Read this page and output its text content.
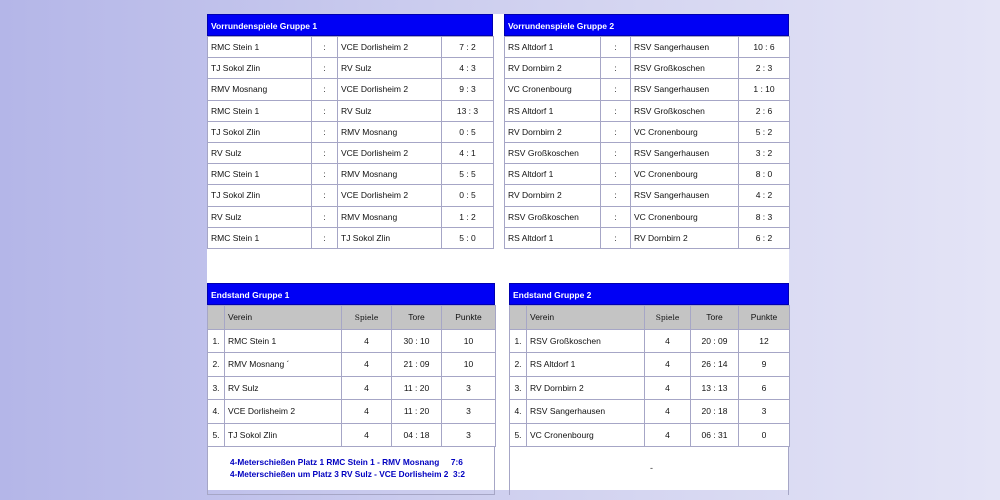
Vorrundenspiele Gruppe 1
RMC Stein 1	:	VCE Dorlisheim 2	7 : 2
TJ Sokol Zlin	:	RV Sulz	4 : 3
RMV Mosnang	:	VCE Dorlisheim 2	9 : 3
RMC Stein 1	:	RV Sulz	13 : 3
TJ Sokol Zlin	:	RMV Mosnang	0 : 5
RV Sulz	:	VCE Dorlisheim 2	4 : 1
RMC Stein 1	:	RMV Mosnang	5 : 5
TJ Sokol Zlin	:	VCE Dorlisheim 2	0 : 5
RV Sulz	:	RMV Mosnang	1 : 2
RMC Stein 1	:	TJ Sokol Zlin	5 : 0
Vorrundenspiele Gruppe 2
RS Altdorf 1	:	RSV Sangerhausen	10 : 6
RV Dornbirn 2	:	RSV Großkoschen	2 : 3
VC Cronenbourg	:	RSV Sangerhausen	1 : 10
RS Altdorf 1	:	RSV Großkoschen	2 : 6
RV Dornbirn 2	:	VC Cronenbourg	5 : 2
RSV Großkoschen	:	RSV Sangerhausen	3 : 2
RS Altdorf 1	:	VC Cronenbourg	8 : 0
RV Dornbirn 2	:	RSV Sangerhausen	4 : 2
RSV Großkoschen	:	VC Cronenbourg	8 : 3
RS Altdorf 1	:	RV Dornbirn 2	6 : 2
Endstand Gruppe 1
	Verein	Spiele	Tore	Punkte
1.	RMC Stein 1	4	30 : 10	10
2.	RMV Mosnang ´	4	21 : 09	10
3.	RV Sulz	4	11 : 20	3
4.	VCE Dorlisheim 2	4	11 : 20	3
5.	TJ Sokol Zlin	4	04 : 18	3
4-Meterschießen Platz 1 RMC Stein 1 - RMV Mosnang     7:6
4-Meterschießen um Platz 3 RV Sulz - VCE Dorlisheim 2  3:2
Endstand Gruppe 2
	Verein	Spiele	Tore	Punkte
1.	RSV Großkoschen	4	20 : 09	12
2.	RS Altdorf 1	4	26 : 14	9
3.	RV Dornbirn 2	4	13 : 13	6
4.	RSV Sangerhausen	4	20 : 18	3
5.	VC Cronenbourg	4	06 : 31	0
-
